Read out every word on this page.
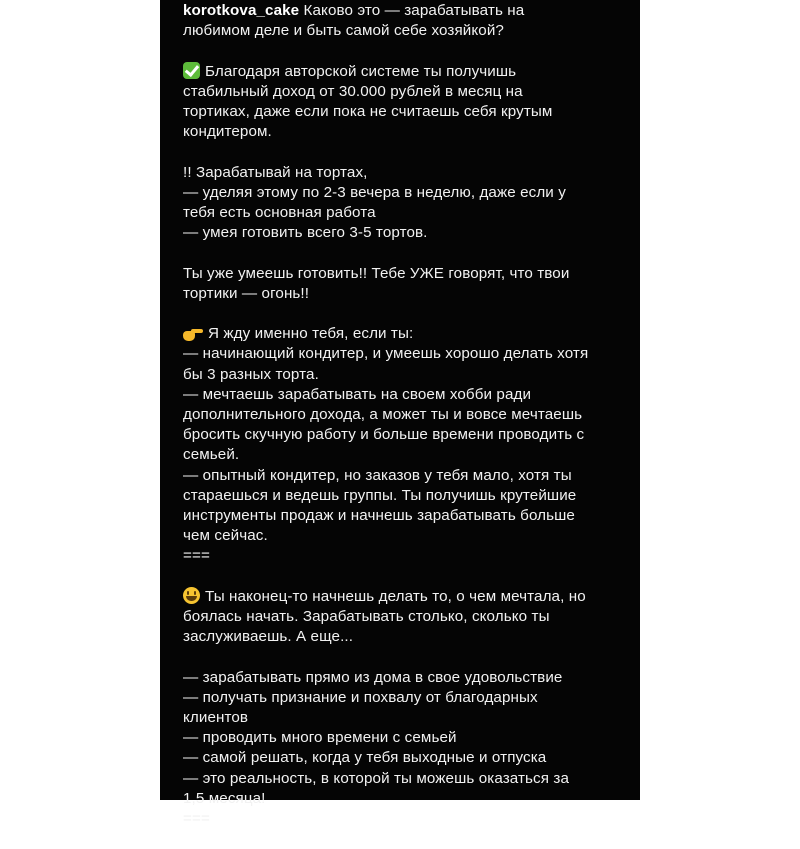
korotkova_cake Каково это — зарабатывать на
любимом деле и быть самой себе хозяйкой?
Благодаря авторской системе ты получишь
стабильный доход от 30.000 рублей в месяц на
тортиках, даже если пока не считаешь себя крутым
кондитером.
!! Зарабатывай на тортах,
— уделяя этому по 2-3 вечера в неделю, даже если у
тебя есть основная работа
— умея готовить всего 3-5 тортов.
Ты уже умеешь готовить!! Тебе УЖЕ говорят, что твои
тортики — огонь!!
Я жду именно тебя, если ты:
— начинающий кондитер, и умеешь хорошо делать хотя
бы 3 разных торта.
— мечтаешь зарабатывать на своем хобби ради
дополнительного дохода, а может ты и вовсе мечтаешь
бросить скучную работу и больше времени проводить с
семьей.
— опытный кондитер, но заказов у тебя мало, хотя ты
стараешься и ведешь группы. Ты получишь крутейшие
инструменты продаж и начнешь зарабатывать больше
чем сейчас.
===
Ты наконец-то начнешь делать то, о чем мечтала, но
боялась начать. Зарабатывать столько, сколько ты
заслуживаешь. А еще...
— зарабатывать прямо из дома в свое удовольствие
— получать признание и похвалу от благодарных
клиентов
— проводить много времени с семьей
— самой решать, когда у тебя выходные и отпуска
— это реальность, в которой ты можешь оказаться за
1,5 месяца!
===
